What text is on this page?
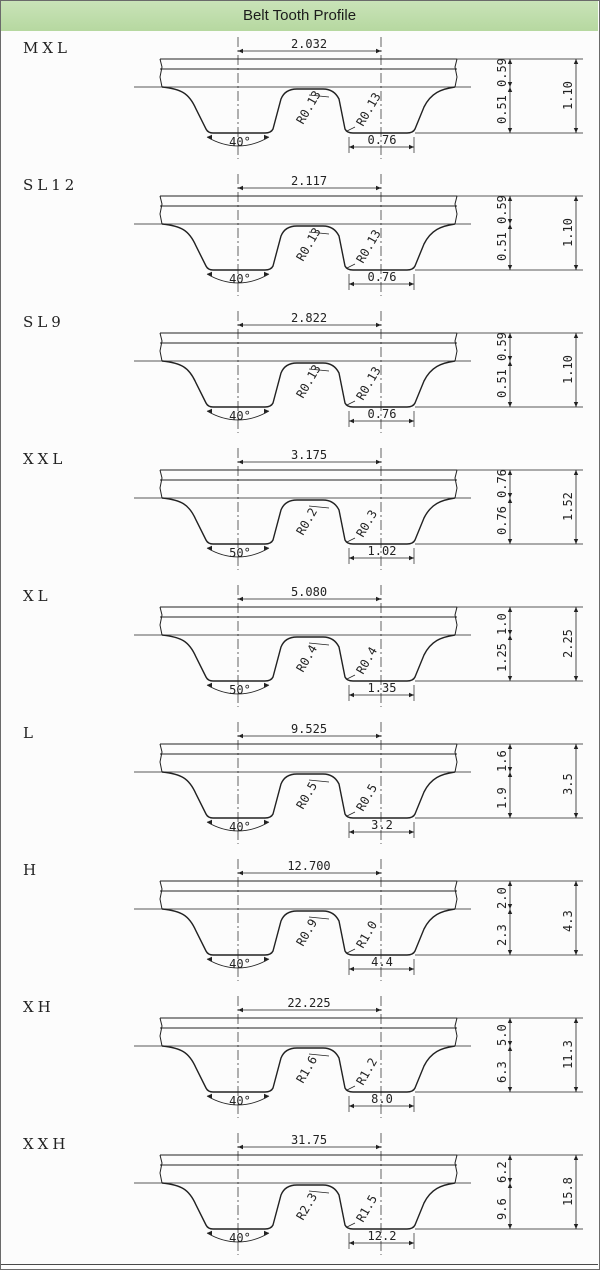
Belt Tooth Profile
MXL	2.032
40°
R0.13 R0.13
0.76
0.59
0.51	1.10
SL12	2.117
40°
R0.13 R0.13
0.76
0.59
0.51	1.10
SL9	2.822
40°
R0.13 R0.13
0.76
0.59
0.51	1.10
XXL	3.175
50°
R0.2	R0.3
1.02
0.76
0.76	1.52
XL	5.080
50°
R0.4	R0.4
1.35
1.0
1.25	2.25
L	9.525
40°
R0.5	R0.5
3.2
1.6
1.9
3.5
H	12.700
40°
R0.9	R1.0
4.4
2.0
2.3
4.3
XH	22.225
40°
R1.6	R1.2
8.0
5.0
6.3
11.3
XXH	31.75
40°
R2.3	R1.5
12.2
6.2
9.6
15.8
